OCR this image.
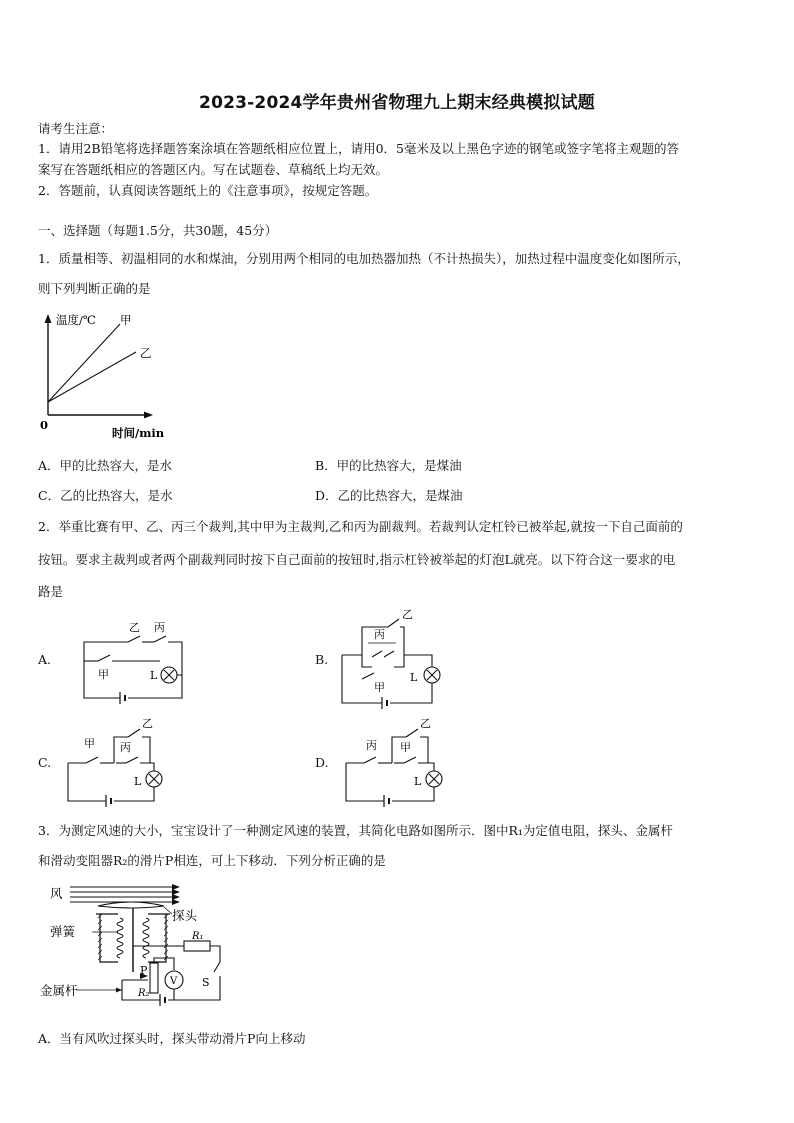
2023-2024学年贵州省物理九上期末经典模拟试题
请考生注意：
1．请用2B铅笔将选择题答案涂填在答题纸相应位置上，请用0．5毫米及以上黑色字迹的钢笔或签字笔将主观题的答
案写在答题纸相应的答题区内。写在试题卷、草稿纸上均无效。
2．答题前，认真阅读答题纸上的《注意事项》，按规定答题。
一、选择题（每题1.5分，共30题，45分）
1．质量相等、初温相同的水和煤油，分别用两个相同的电加热器加热（不计热损失），加热过程中温度变化如图所示，
则下列判断正确的是
温度/℃ 甲
乙
0
时间/min
A．甲的比热容大，是水	B．甲的比热容大，是煤油
C．乙的比热容大，是水	D．乙的比热容大，是煤油
2．举重比赛有甲、乙、丙三个裁判,其中甲为主裁判,乙和丙为副裁判。若裁判认定杠铃已被举起,就按一下自己面前的
按钮。要求主裁判或者两个副裁判同时按下自己面前的按钮时,指示杠铃被举起的灯泡L就亮。以下符合这一要求的电
路是
A.	B.
C.	D.
乙 丙
甲	L
乙
丙
甲
L
甲
乙
丙
L
丙
乙
甲
L
3．为测定风速的大小，宝宝设计了一种测定风速的装置，其简化电路如图所示．图中R₁为定值电阻，探头、金属杆
和滑动变阻器R₂的滑片P相连，可上下移动．下列分析正确的是
风
探头
弹簧
金属杆
P
R₂
R₁
V S
A．当有风吹过探头时，探头带动滑片P向上移动
